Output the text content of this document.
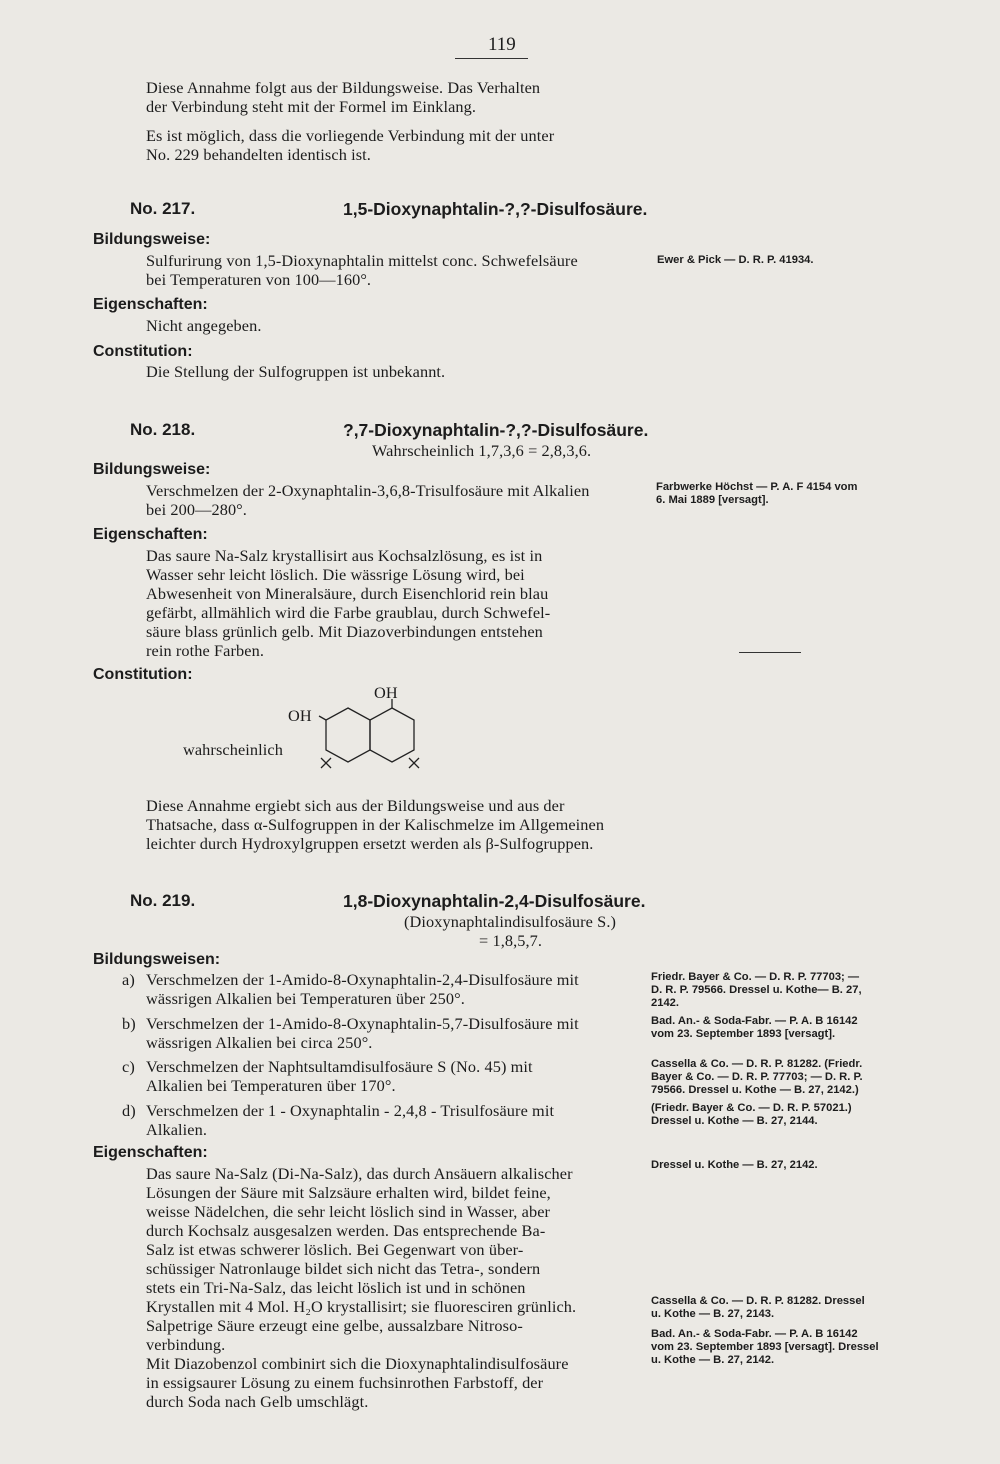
119
Diese Annahme folgt aus der Bildungsweise. Das Verhalten
der Verbindung steht mit der Formel im Einklang.
Es ist möglich, dass die vorliegende Verbindung mit der unter
No. 229 behandelten identisch ist.
No. 217.	1,5-Dioxynaphtalin-?,?-Disulfosäure.
Bildungsweise:
Sulfurirung von 1,5-Dioxynaphtalin mittelst conc. Schwefelsäure
bei Temperaturen von 100—160°.
Ewer & Pick — D. R. P. 41934.
Eigenschaften:
Nicht angegeben.
Constitution:
Die Stellung der Sulfogruppen ist unbekannt.
No. 218.	?,7-Dioxynaphtalin-?,?-Disulfosäure.
Wahrscheinlich 1,7,3,6 = 2,8,3,6.
Bildungsweise:
Verschmelzen der 2-Oxynaphtalin-3,6,8-Trisulfosäure mit Alkalien
bei 200—280°.
Farbwerke Höchst — P. A. F 4154 vom
6. Mai 1889 [versagt].
Eigenschaften:
Das saure Na-Salz krystallisirt aus Kochsalzlösung, es ist in
Wasser sehr leicht löslich. Die wässrige Lösung wird, bei
Abwesenheit von Mineralsäure, durch Eisenchlorid rein blau
gefärbt, allmählich wird die Farbe graublau, durch Schwefel-
säure blass grünlich gelb. Mit Diazoverbindungen entstehen
rein rothe Farben.
Constitution:
wahrscheinlich
OH
OH
Diese Annahme ergiebt sich aus der Bildungsweise und aus der
Thatsache, dass α-Sulfogruppen in der Kalischmelze im Allgemeinen
leichter durch Hydroxylgruppen ersetzt werden als β-Sulfogruppen.
No. 219.	1,8-Dioxynaphtalin-2,4-Disulfosäure.
(Dioxynaphtalindisulfosäure S.)
= 1,8,5,7.
Bildungsweisen:
a) Verschmelzen der 1-Amido-8-Oxynaphtalin-2,4-Disulfosäure mit
wässrigen Alkalien bei Temperaturen über 250°.
Friedr. Bayer & Co. — D. R. P. 77703; —
D. R. P. 79566. Dressel u. Kothe— B. 27,
2142.
b) Verschmelzen der 1-Amido-8-Oxynaphtalin-5,7-Disulfosäure mit
wässrigen Alkalien bei circa 250°.
Bad. An.- & Soda-Fabr. — P. A. B 16142
vom 23. September 1893 [versagt].
c) Verschmelzen der Naphtsultamdisulfosäure S (No. 45) mit
Alkalien bei Temperaturen über 170°.
Cassella & Co. — D. R. P. 81282. (Friedr.
Bayer & Co. — D. R. P. 77703; — D. R. P.
79566. Dressel u. Kothe — B. 27, 2142.)
d) Verschmelzen der 1 - Oxynaphtalin - 2,4,8 - Trisulfosäure mit
Alkalien.
(Friedr. Bayer & Co. — D. R. P. 57021.)
Dressel u. Kothe — B. 27, 2144.
Eigenschaften:
Das saure Na-Salz (Di-Na-Salz), das durch Ansäuern alkalischer
Lösungen der Säure mit Salzsäure erhalten wird, bildet feine,
weisse Nädelchen, die sehr leicht löslich sind in Wasser, aber
durch Kochsalz ausgesalzen werden. Das entsprechende Ba-
Salz ist etwas schwerer löslich. Bei Gegenwart von über-
schüssiger Natronlauge bildet sich nicht das Tetra-, sondern
stets ein Tri-Na-Salz, das leicht löslich ist und in schönen
Krystallen mit 4 Mol. H₂O krystallisirt; sie fluoresciren grünlich.
Salpetrige Säure erzeugt eine gelbe, aussalzbare Nitroso-
verbindung.
Mit Diazobenzol combinirt sich die Dioxynaphtalindisulfosäure
in essigsaurer Lösung zu einem fuchsinrothen Farbstoff, der
durch Soda nach Gelb umschlägt.
Dressel u. Kothe — B. 27, 2142.
Cassella & Co. — D. R. P. 81282. Dressel
u. Kothe — B. 27, 2143.
Bad. An.- & Soda-Fabr. — P. A. B 16142
vom 23. September 1893 [versagt]. Dressel
u. Kothe — B. 27, 2142.
